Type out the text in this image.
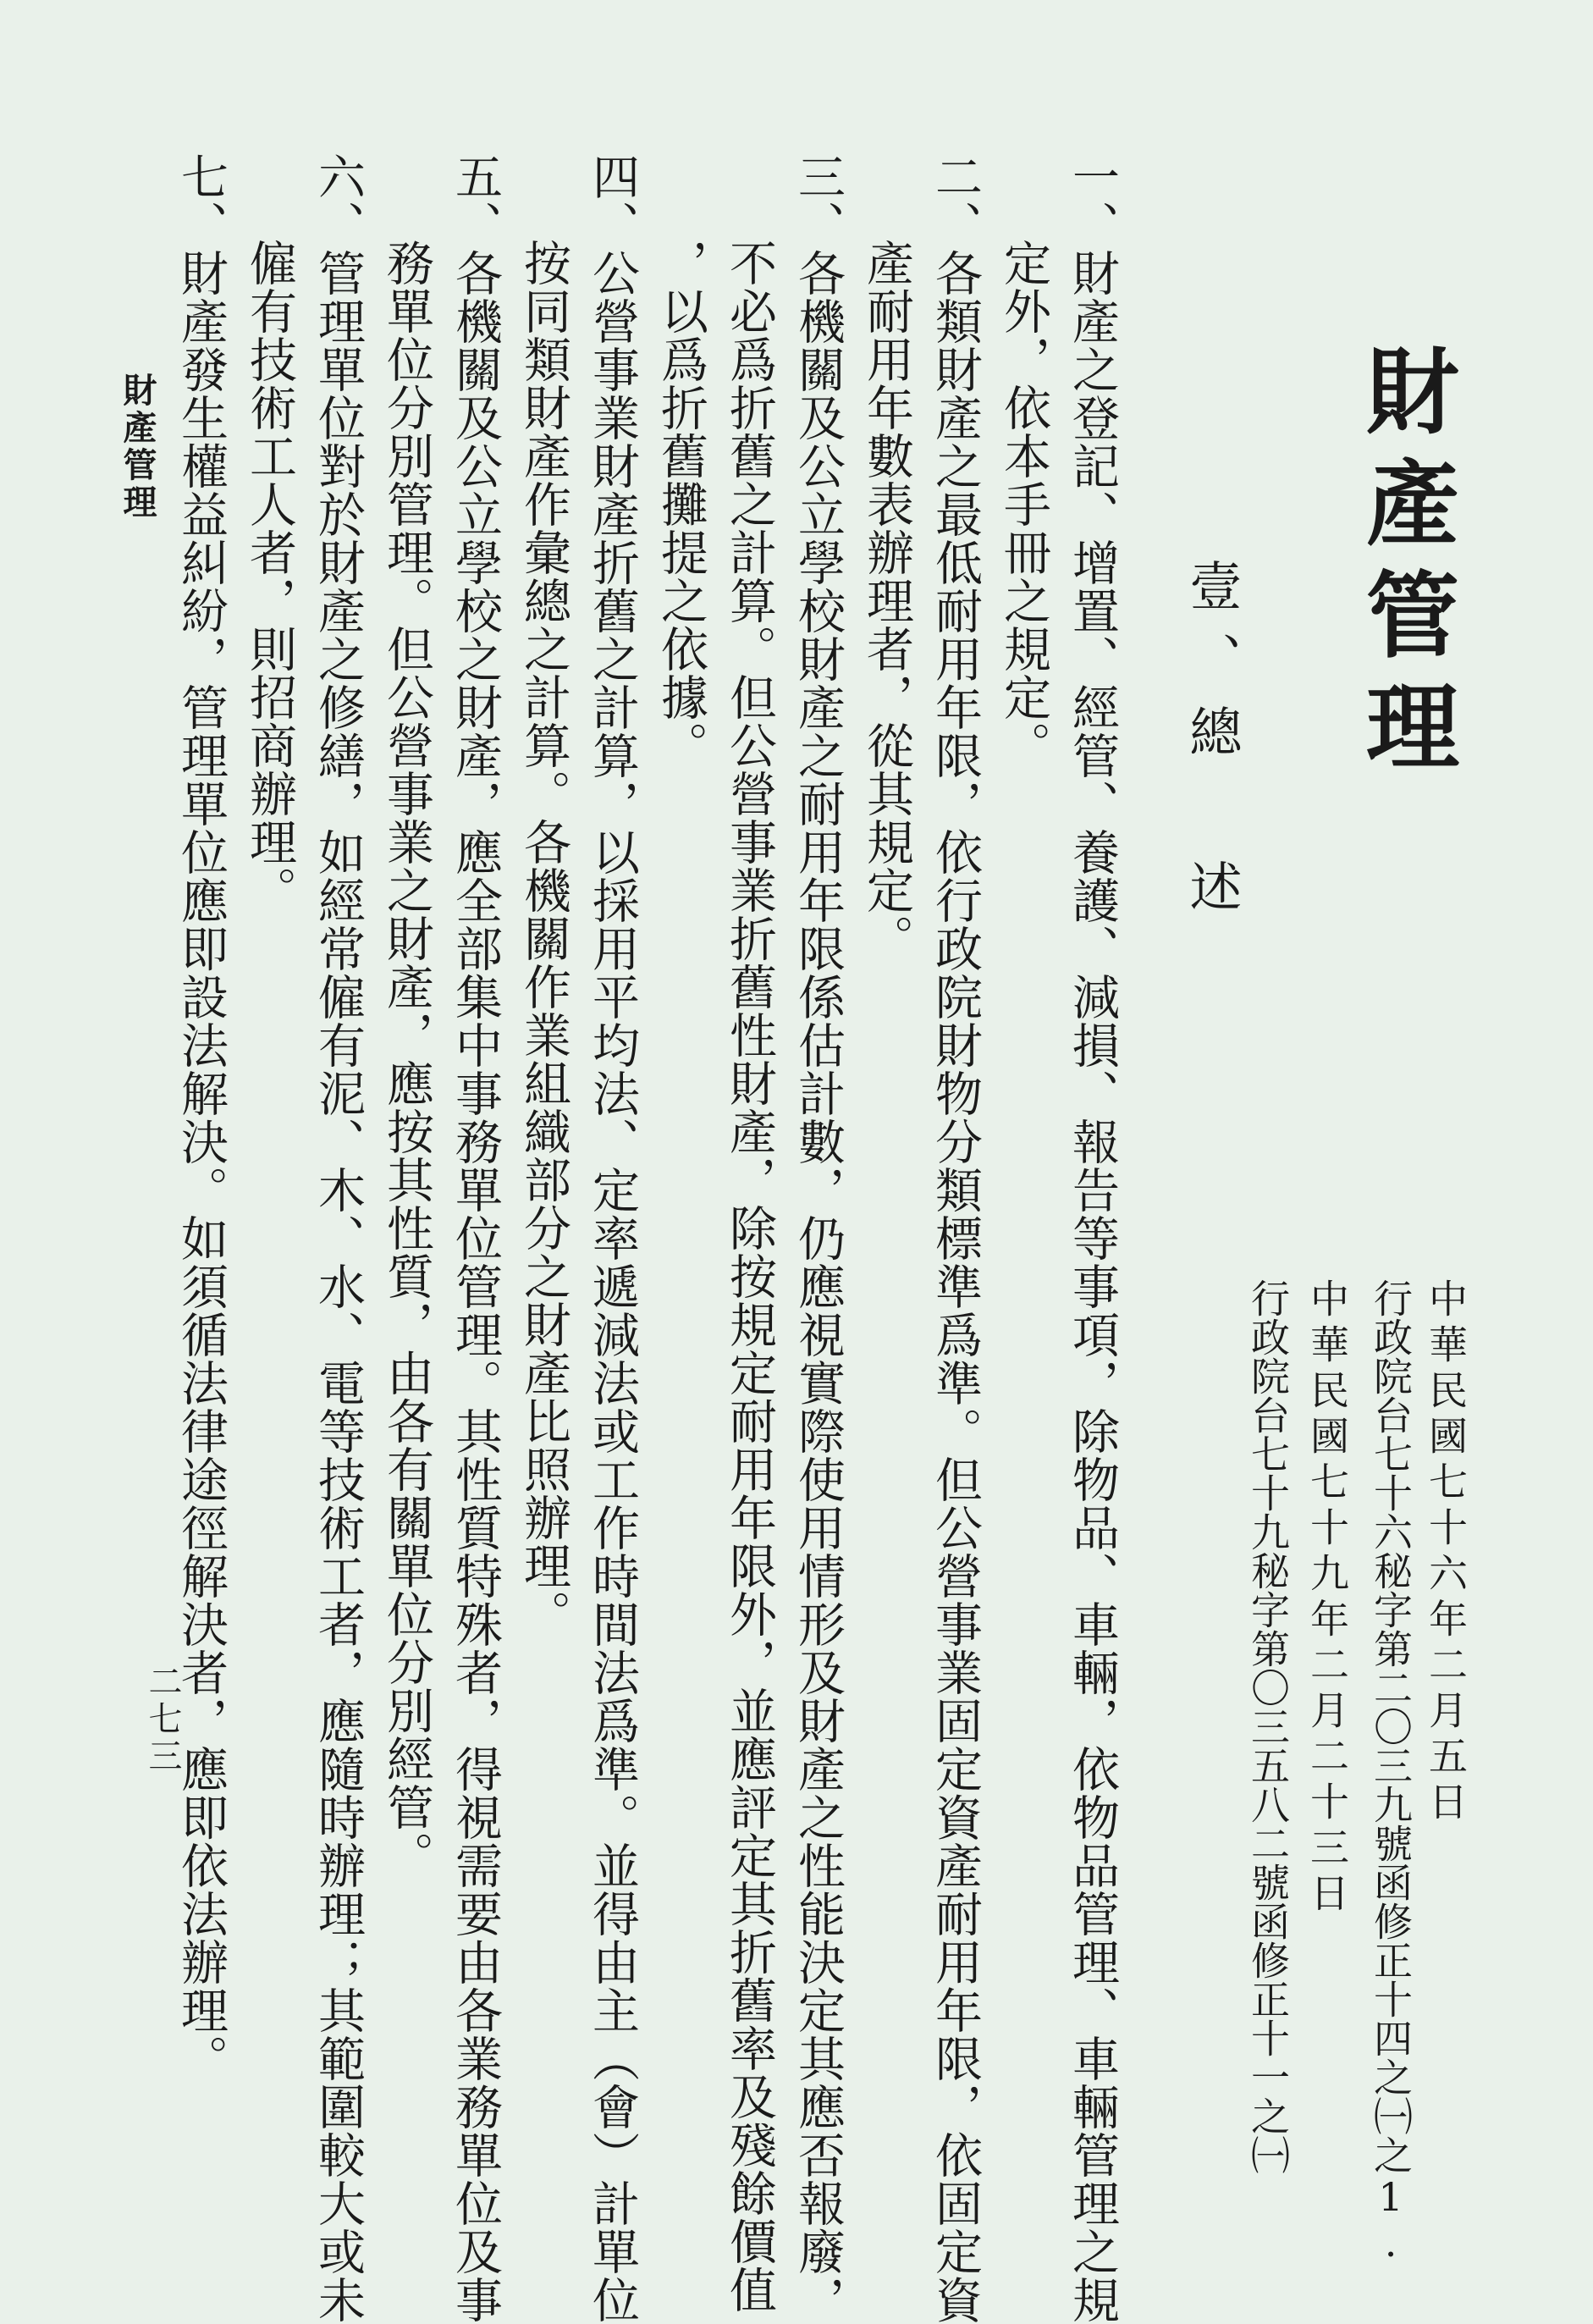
財產管理
中華民國七十六年二月五日
行政院台七十六秘字第二〇三九號函修正十四之㈠之1.
中華民國七十九年二月二十三日
行政院台七十九秘字第〇三五八二號函修正十一之㈠
壹、總 述
一、財產之登記、增置、經管、養護、減損、報告等事項，除物品、車輛，依物品管理、車輛管理之規
定外，依本手冊之規定。
二、各類財產之最低耐用年限，依行政院財物分類標準爲準。但公營事業固定資產耐用年限，依固定資
產耐用年數表辦理者，從其規定。
三、各機關及公立學校財產之耐用年限係估計數，仍應視實際使用情形及財產之性能決定其應否報廢，
不必爲折舊之計算。但公營事業折舊性財產，除按規定耐用年限外，並應評定其折舊率及殘餘價值
，以爲折舊攤提之依據。
四、公營事業財產折舊之計算，以採用平均法、定率遞減法或工作時間法爲準。並得由主（會）計單位
按同類財產作彙總之計算。各機關作業組織部分之財產比照辦理。
五、各機關及公立學校之財產，應全部集中事務單位管理。其性質特殊者，得視需要由各業務單位及事
務單位分別管理。但公營事業之財產，應按其性質，由各有關單位分別經管。
六、管理單位對於財產之修繕，如經常僱有泥、木、水、電等技術工者，應隨時辦理；其範圍較大或未
僱有技術工人者，則招商辦理。
七、財產發生權益糾紛，管理單位應即設法解決。如須循法律途徑解決者，應即依法辦理。
財產管理
二七三
